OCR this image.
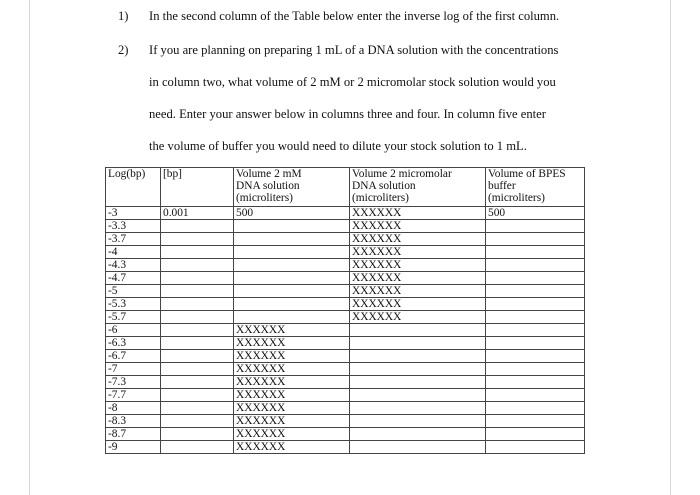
1) In the second column of the Table below enter the inverse log of the first column.
2) If you are planning on preparing 1 mL of a DNA solution with the concentrations
in column two, what volume of 2 mM or 2 micromolar stock solution would you
need. Enter your answer below in columns three and four. In column five enter
the volume of buffer you would need to dilute your stock solution to 1 mL.
Log(bp)	[bp]	Volume 2 mM
DNA solution
(microliters)	Volume 2 micromolar
DNA solution
(microliters)	Volume of BPES
buffer
(microliters)

-3	0.001	500	XXXXXX	500
-3.3			XXXXXX	
-3.7			XXXXXX	
-4			XXXXXX	
-4.3			XXXXXX	
-4.7			XXXXXX	
-5			XXXXXX	
-5.3			XXXXXX	
-5.7			XXXXXX	
-6		XXXXXX		
-6.3		XXXXXX		
-6.7		XXXXXX		
-7		XXXXXX		
-7.3		XXXXXX		
-7.7		XXXXXX		
-8		XXXXXX		
-8.3		XXXXXX		
-8.7		XXXXXX		
-9		XXXXXX		
